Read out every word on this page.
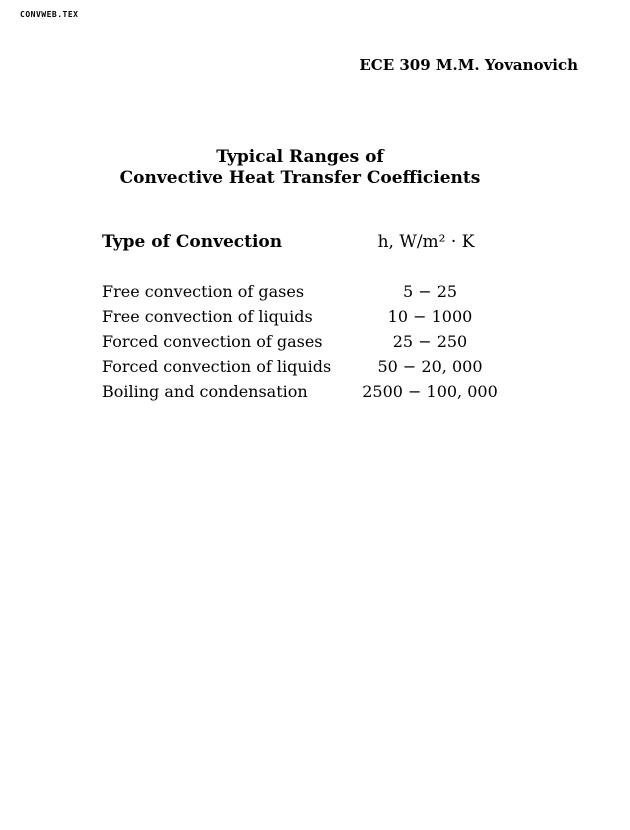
CONVWEB.TEX
ECE 309 M.M. Yovanovich
Typical Ranges of
Convective Heat Transfer Coefficients
Type of Convection	h, W/m² · K
Free convection of gases	5 − 25
Free convection of liquids	10 − 1000
Forced convection of gases	25 − 250
Forced convection of liquids	50 − 20, 000
Boiling and condensation	2500 − 100, 000
